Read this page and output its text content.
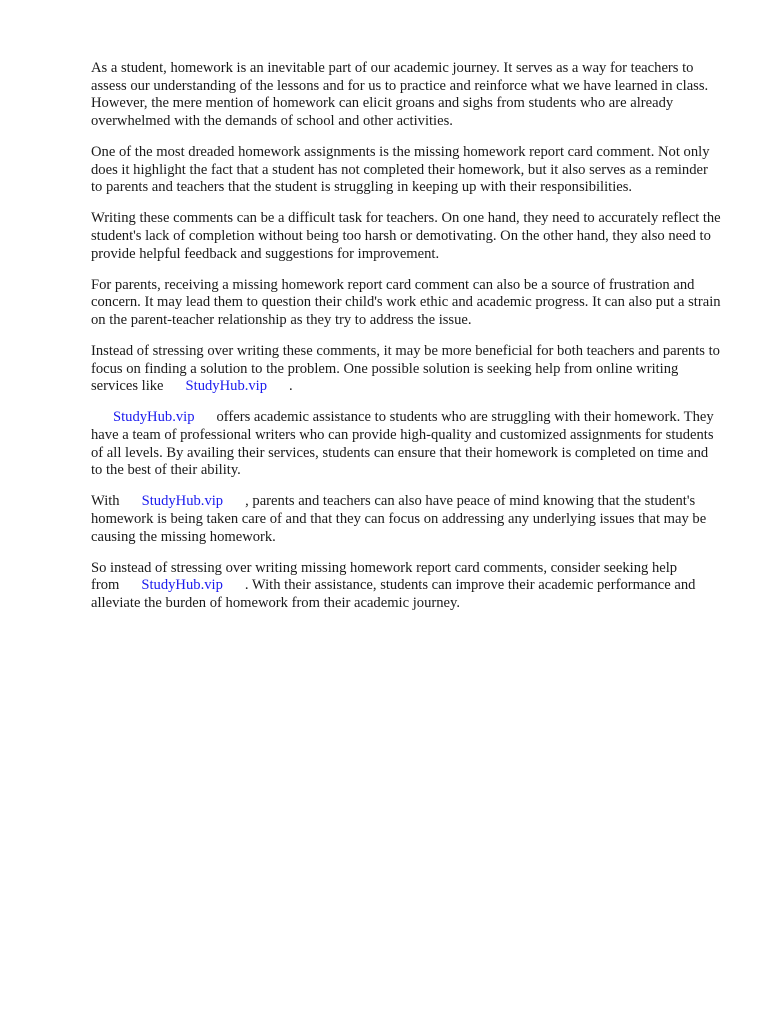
As a student, homework is an inevitable part of our academic journey. It serves as a way for teachers to assess our understanding of the lessons and for us to practice and reinforce what we have learned in class. However, the mere mention of homework can elicit groans and sighs from students who are already overwhelmed with the demands of school and other activities.

One of the most dreaded homework assignments is the missing homework report card comment. Not only does it highlight the fact that a student has not completed their homework, but it also serves as a reminder to parents and teachers that the student is struggling in keeping up with their responsibilities.

Writing these comments can be a difficult task for teachers. On one hand, they need to accurately reflect the student's lack of completion without being too harsh or demotivating. On the other hand, they also need to provide helpful feedback and suggestions for improvement.

For parents, receiving a missing homework report card comment can also be a source of frustration and concern. It may lead them to question their child's work ethic and academic progress. It can also put a strain on the parent-teacher relationship as they try to address the issue.

Instead of stressing over writing these comments, it may be more beneficial for both teachers and parents to focus on finding a solution to the problem. One possible solution is seeking help from online writing services like StudyHub.vip .

StudyHub.vip offers academic assistance to students who are struggling with their homework. They have a team of professional writers who can provide high-quality and customized assignments for students of all levels. By availing their services, students can ensure that their homework is completed on time and to the best of their ability.

With StudyHub.vip , parents and teachers can also have peace of mind knowing that the student's homework is being taken care of and that they can focus on addressing any underlying issues that may be causing the missing homework.

So instead of stressing over writing missing homework report card comments, consider seeking help from StudyHub.vip . With their assistance, students can improve their academic performance and alleviate the burden of homework from their academic journey.
